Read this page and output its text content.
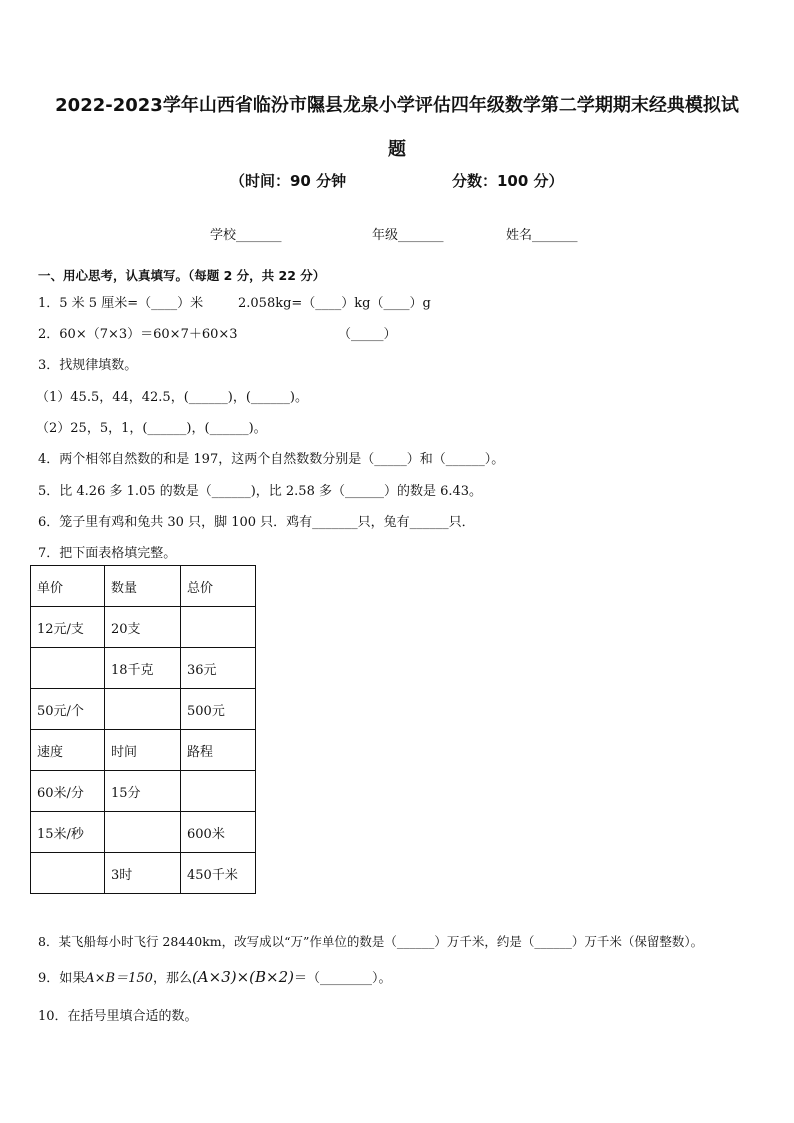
2022-2023学年山西省临汾市隰县龙泉小学评估四年级数学第二学期期末经典模拟试
题
（时间：90 分钟	分数：100 分）
学校_______	年级_______	姓名_______
一、用心思考，认真填写。（每题 2 分，共 22 分）
1．5 米 5 厘米=（____）米	2.058kg=（____）kg（____）g
2．60×（7×3）＝60×7＋60×3	（_____）
3．找规律填数。
（1）45.5，44，42.5，(______)，(______)。
（2）25，5，1，(______)，(______)。
4．两个相邻自然数的和是 197，这两个自然数数分别是（_____）和（______）。
5．比 4.26 多 1.05 的数是（______)，比 2.58 多（______）的数是 6.43。
6．笼子里有鸡和兔共 30 只，脚 100 只．鸡有_______只，兔有______只．
7．把下面表格填完整。
单价	数量	总价
12元/支	20支	
	18千克	36元
50元/个		500元
速度	时间	路程
60米/分	15分	
15米/秒		600米
	3时	450千米
8．某飞船每小时飞行 28440km，改写成以“万”作单位的数是（______）万千米，约是（______）万千米（保留整数）。
9．如果A×B＝150，那么(A×3)×(B×2)＝（________）。
10．在括号里填合适的数。
